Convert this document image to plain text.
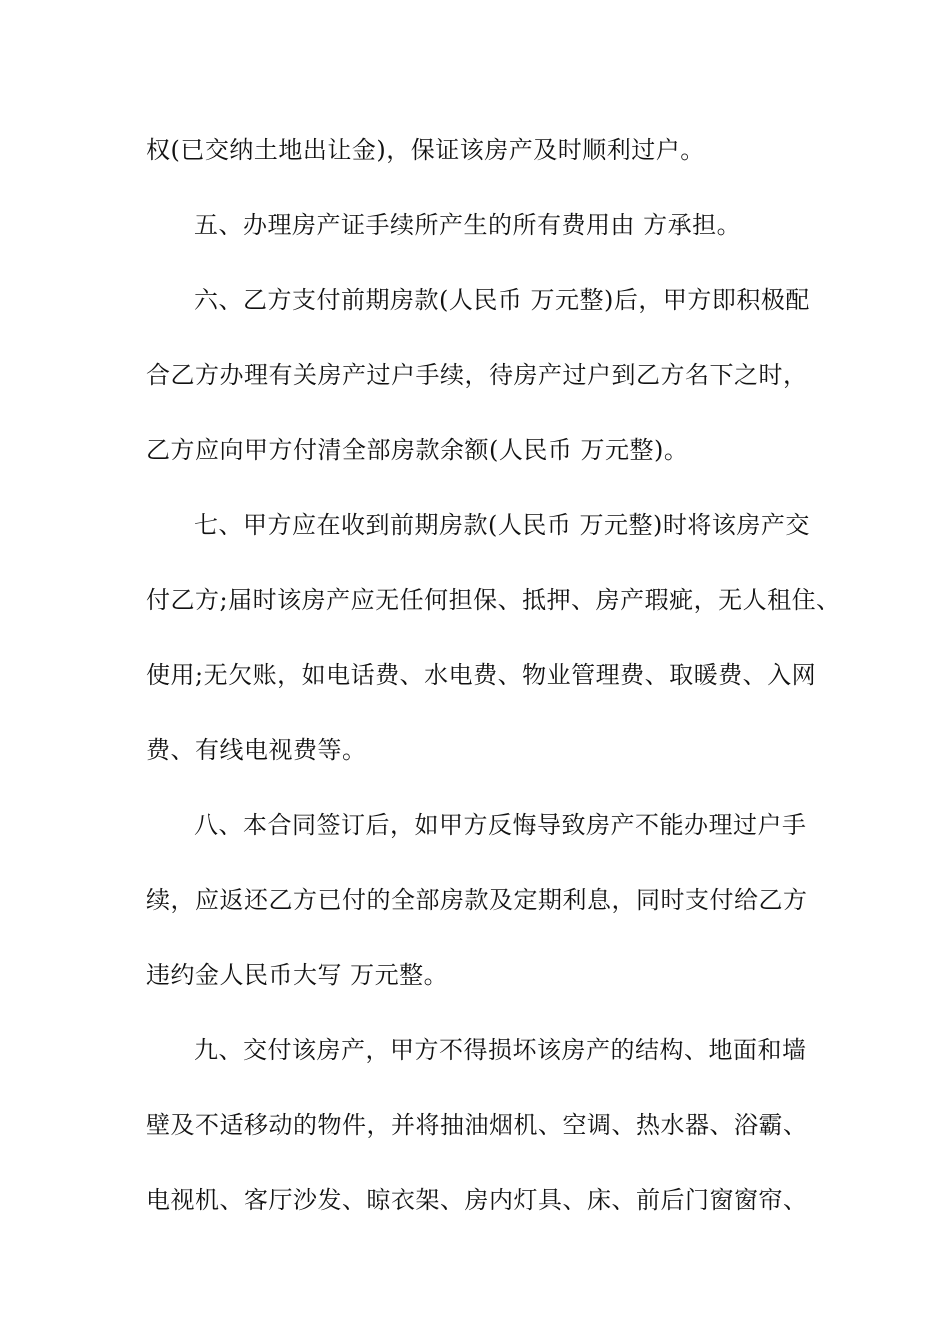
权(已交纳土地出让金)，保证该房产及时顺利过户。
五、办理房产证手续所产生的所有费用由 方承担。
六、乙方支付前期房款(人民币 万元整)后，甲方即积极配
合乙方办理有关房产过户手续，待房产过户到乙方名下之时，
乙方应向甲方付清全部房款余额(人民币 万元整)。
七、甲方应在收到前期房款(人民币 万元整)时将该房产交
付乙方;届时该房产应无任何担保、抵押、房产瑕疵，无人租住、
使用;无欠账，如电话费、水电费、物业管理费、取暖费、入网
费、有线电视费等。
八、本合同签订后，如甲方反悔导致房产不能办理过户手
续，应返还乙方已付的全部房款及定期利息，同时支付给乙方
违约金人民币大写 万元整。
九、交付该房产，甲方不得损坏该房产的结构、地面和墙
壁及不适移动的物件，并将抽油烟机、空调、热水器、浴霸、
电视机、客厅沙发、晾衣架、房内灯具、床、前后门窗窗帘、
